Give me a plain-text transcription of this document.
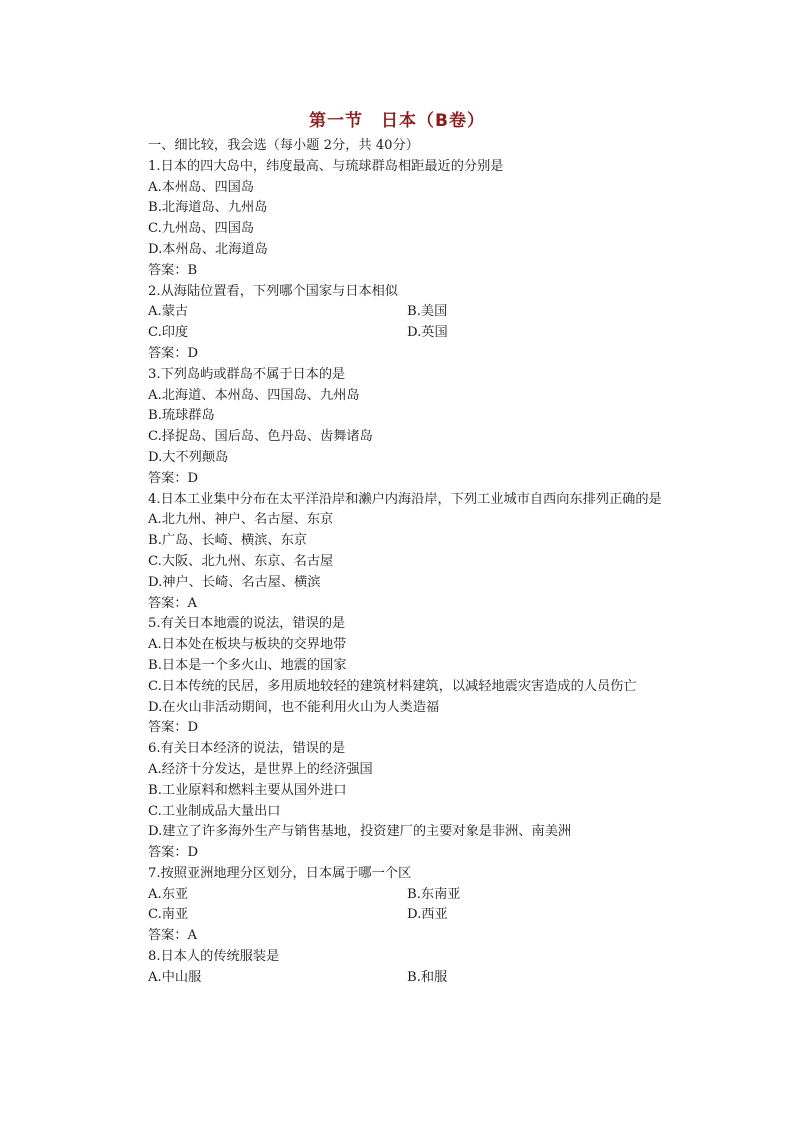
第一节　日本（B卷）
一、细比较，我会选（每小题 2分，共 40分）
1.日本的四大岛中，纬度最高、与琉球群岛相距最近的分别是
A.本州岛、四国岛
B.北海道岛、九州岛
C.九州岛、四国岛
D.本州岛、北海道岛
答案：B
2.从海陆位置看，下列哪个国家与日本相似
A.蒙古	B.美国
C.印度	D.英国
答案：D
3.下列岛屿或群岛不属于日本的是
A.北海道、本州岛、四国岛、九州岛
B.琉球群岛
C.择捉岛、国后岛、色丹岛、齿舞诸岛
D.大不列颠岛
答案：D
4.日本工业集中分布在太平洋沿岸和濑户内海沿岸，下列工业城市自西向东排列正确的是
A.北九州、神户、名古屋、东京
B.广岛、长崎、横滨、东京
C.大阪、北九州、东京、名古屋
D.神户、长崎、名古屋、横滨
答案：A
5.有关日本地震的说法，错误的是
A.日本处在板块与板块的交界地带
B.日本是一个多火山、地震的国家
C.日本传统的民居，多用质地较轻的建筑材料建筑，以减轻地震灾害造成的人员伤亡
D.在火山非活动期间，也不能利用火山为人类造福
答案：D
6.有关日本经济的说法，错误的是
A.经济十分发达，是世界上的经济强国
B.工业原料和燃料主要从国外进口
C.工业制成品大量出口
D.建立了许多海外生产与销售基地，投资建厂的主要对象是非洲、南美洲
答案：D
7.按照亚洲地理分区划分，日本属于哪一个区
A.东亚	B.东南亚
C.南亚	D.西亚
答案：A
8.日本人的传统服装是
A.中山服	B.和服
